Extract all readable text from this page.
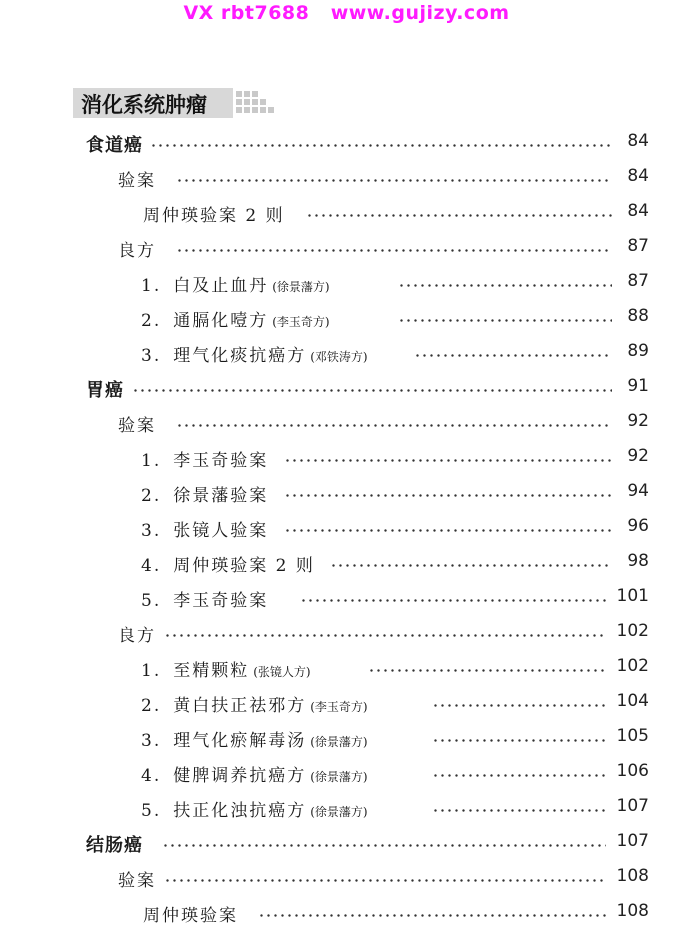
VX rbt7688   www.gujizy.com
消化系统肿瘤
食道癌	84
验案	84
周仲瑛验案 2 则	84
良方	87
1. 白及止血丹 (徐景藩方)	87
2. 通膈化噎方 (李玉奇方)	88
3. 理气化痰抗癌方 (邓铁涛方)	89
胃癌	91
验案	92
1. 李玉奇验案	92
2. 徐景藩验案	94
3. 张镜人验案	96
4. 周仲瑛验案 2 则	98
5. 李玉奇验案	101
良方	102
1. 至精颗粒 (张镜人方)	102
2. 黄白扶正祛邪方 (李玉奇方)	104
3. 理气化瘀解毒汤 (徐景藩方)	105
4. 健脾调养抗癌方 (徐景藩方)	106
5. 扶正化浊抗癌方 (徐景藩方)	107
结肠癌	107
验案	108
周仲瑛验案	108
